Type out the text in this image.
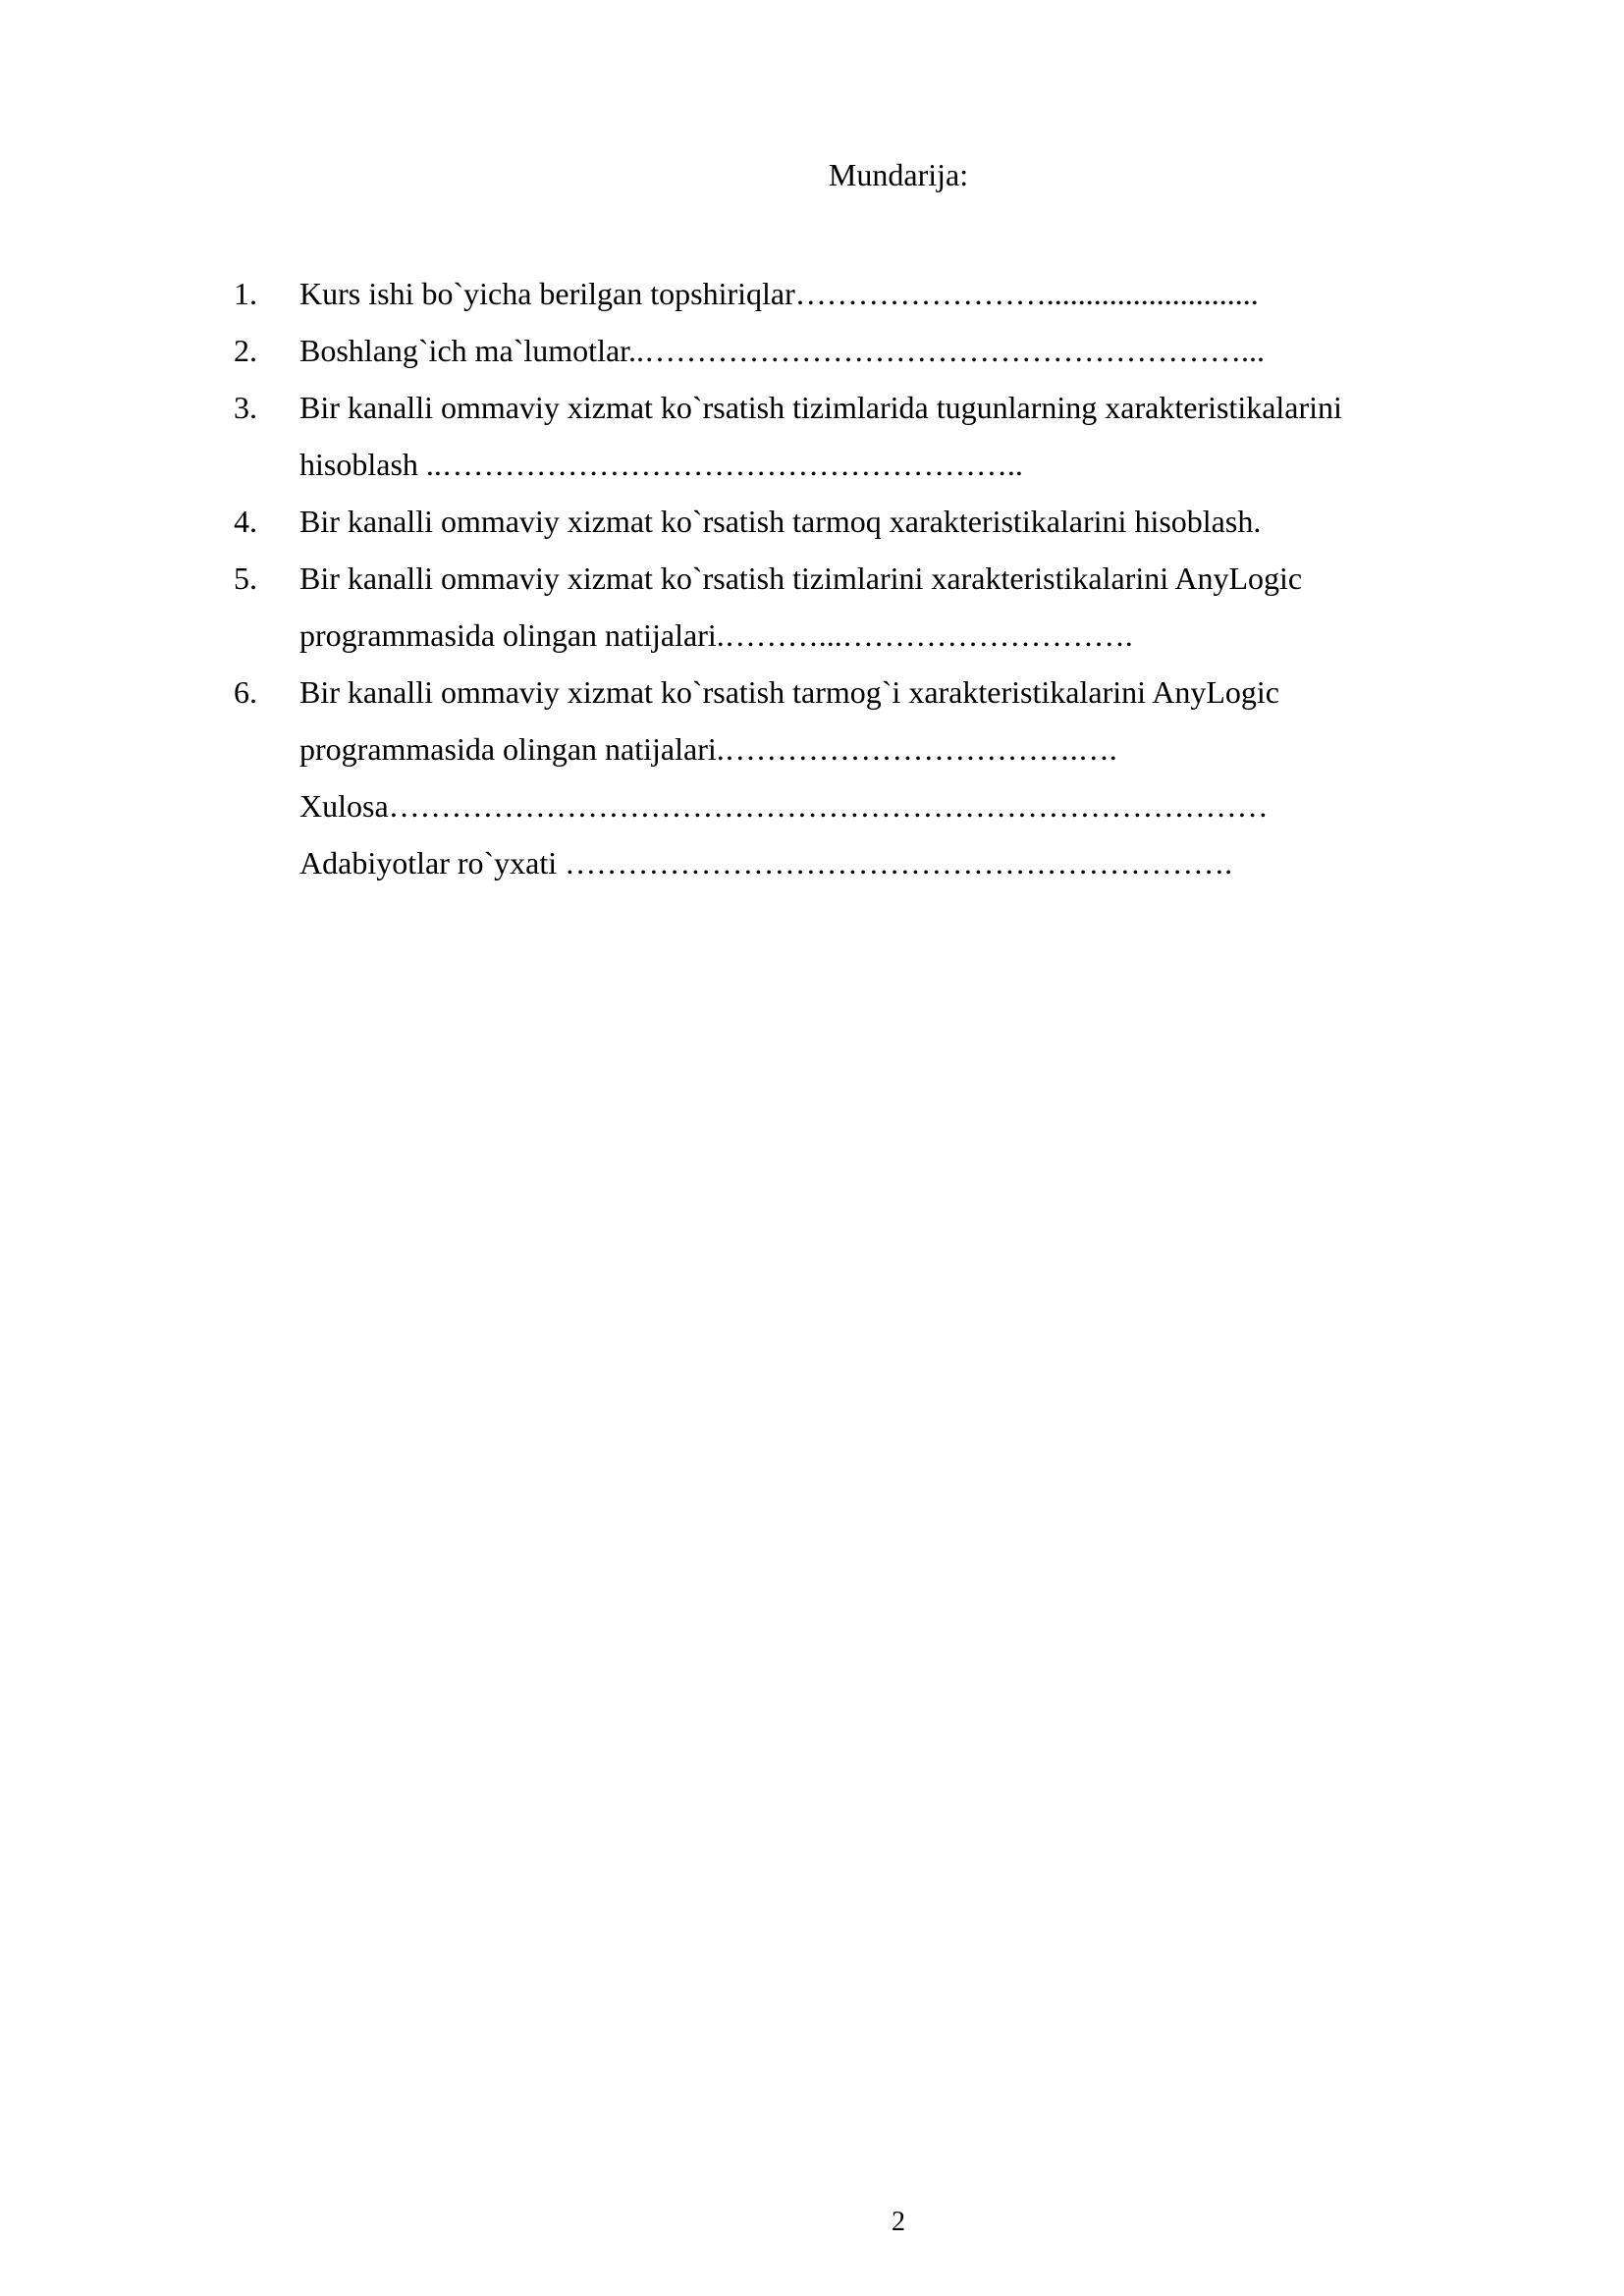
Mundarija:
1. Kurs ishi bo`yicha berilgan topshiriqlar……………………...........................
2. Boshlang`ich ma`lumotlar..…………………………………………………...
3. Bir kanalli ommaviy xizmat ko`rsatish tizimlarida tugunlarning xarakteristikalarini
hisoblash ..………………………………………………..
4. Bir kanalli ommaviy xizmat ko`rsatish tarmoq xarakteristikalarini hisoblash.
5. Bir kanalli ommaviy xizmat ko`rsatish tizimlarini xarakteristikalarini AnyLogic
programmasida olingan natijalari.………...……………………….
6. Bir kanalli ommaviy xizmat ko`rsatish tarmog`i xarakteristikalarini AnyLogic
programmasida olingan natijalari.…………………………….….
Xulosa…………………………………………………………………………
Adabiyotlar ro`yxati ……………………………………………………….
2
